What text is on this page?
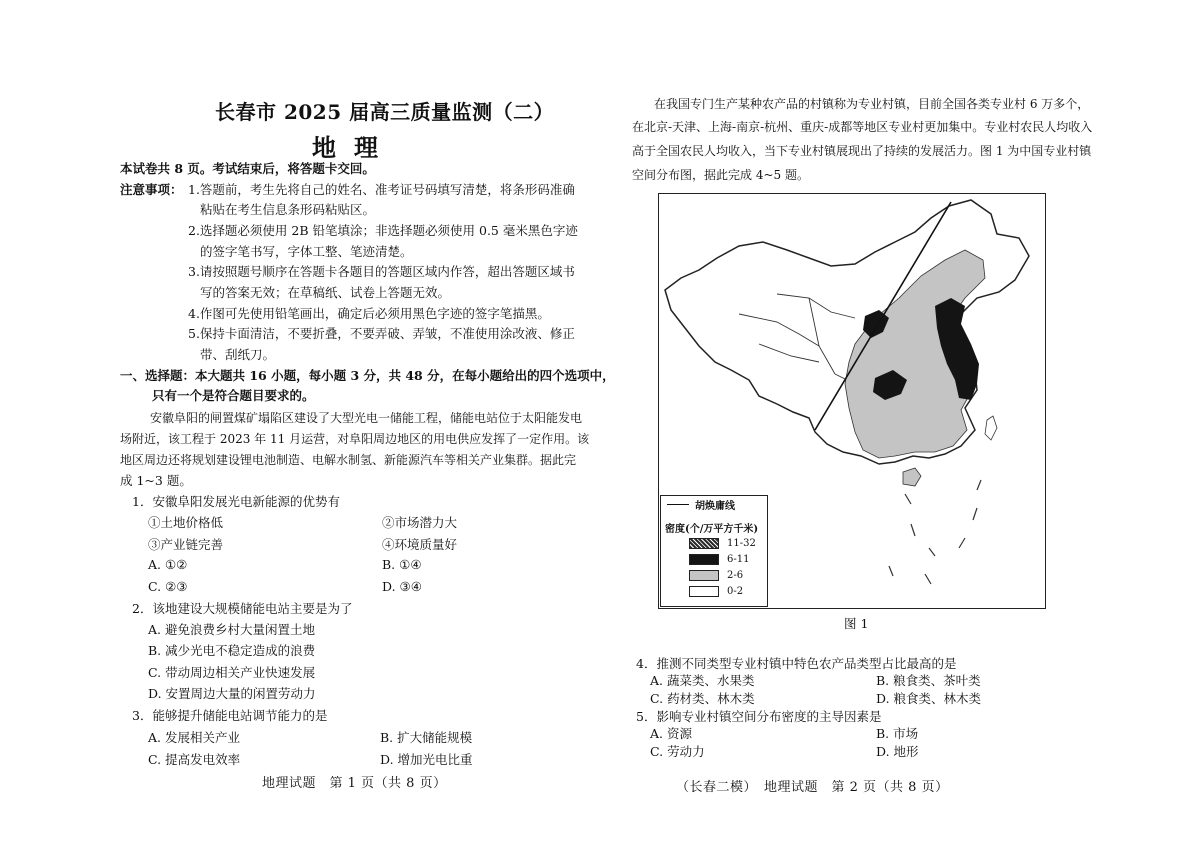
长春市 2025 届高三质量监测（二）
地理
本试卷共 8 页。考试结束后，将答题卡交回。
注意事项： 1.答题前，考生先将自己的姓名、准考证号码填写清楚，将条形码准确
粘贴在考生信息条形码粘贴区。
2.选择题必须使用 2B 铅笔填涂；非选择题必须使用 0.5 毫米黑色字迹
的签字笔书写，字体工整、笔迹清楚。
3.请按照题号顺序在答题卡各题目的答题区域内作答，超出答题区域书
写的答案无效；在草稿纸、试卷上答题无效。
4.作图可先使用铅笔画出，确定后必须用黑色字迹的签字笔描黑。
5.保持卡面清洁，不要折叠，不要弄破、弄皱，不准使用涂改液、修正
带、刮纸刀。
一、选择题：本大题共 16 小题，每小题 3 分，共 48 分，在每小题给出的四个选项中，
只有一个是符合题目要求的。
安徽阜阳的闸置煤矿塌陷区建设了大型光电一储能工程，储能电站位于太阳能发电
场附近，该工程于 2023 年 11 月运营，对阜阳周边地区的用电供应发挥了一定作用。该
地区周边还将规划建设锂电池制造、电解水制氢、新能源汽车等相关产业集群。据此完
成 1~3 题。
1．安徽阜阳发展光电新能源的优势有
①土地价格低	②市场潜力大
③产业链完善	④环境质量好
A. ①②	B. ①④
C. ②③	D. ③④
2．该地建设大规模储能电站主要是为了
A. 避免浪费乡村大量闲置土地
B. 减少光电不稳定造成的浪费
C. 带动周边相关产业快速发展
D. 安置周边大量的闲置劳动力
3．能够提升储能电站调节能力的是
A. 发展相关产业	B. 扩大储能规模
C. 提高发电效率	D. 增加光电比重
地理试题　第 1 页（共 8 页）
在我国专门生产某种农产品的村镇称为专业村镇，目前全国各类专业村 6 万多个，
在北京-天津、上海-南京-杭州、重庆-成都等地区专业村更加集中。专业村农民人均收入
高于全国农民人均收入，当下专业村镇展现出了持续的发展活力。图 1 为中国专业村镇
空间分布图，据此完成 4~5 题。
胡焕庸线
密度(个/万平方千米)
11-32
6-11
2-6
0-2
图 1
4．推测不同类型专业村镇中特色农产品类型占比最高的是
A. 蔬菜类、水果类	B. 粮食类、茶叶类
C. 药材类、林木类	D. 粮食类、林木类
5．影响专业村镇空间分布密度的主导因素是
A. 资源	B. 市场
C. 劳动力	D. 地形
（长春二模）　地理试题　第 2 页（共 8 页）
